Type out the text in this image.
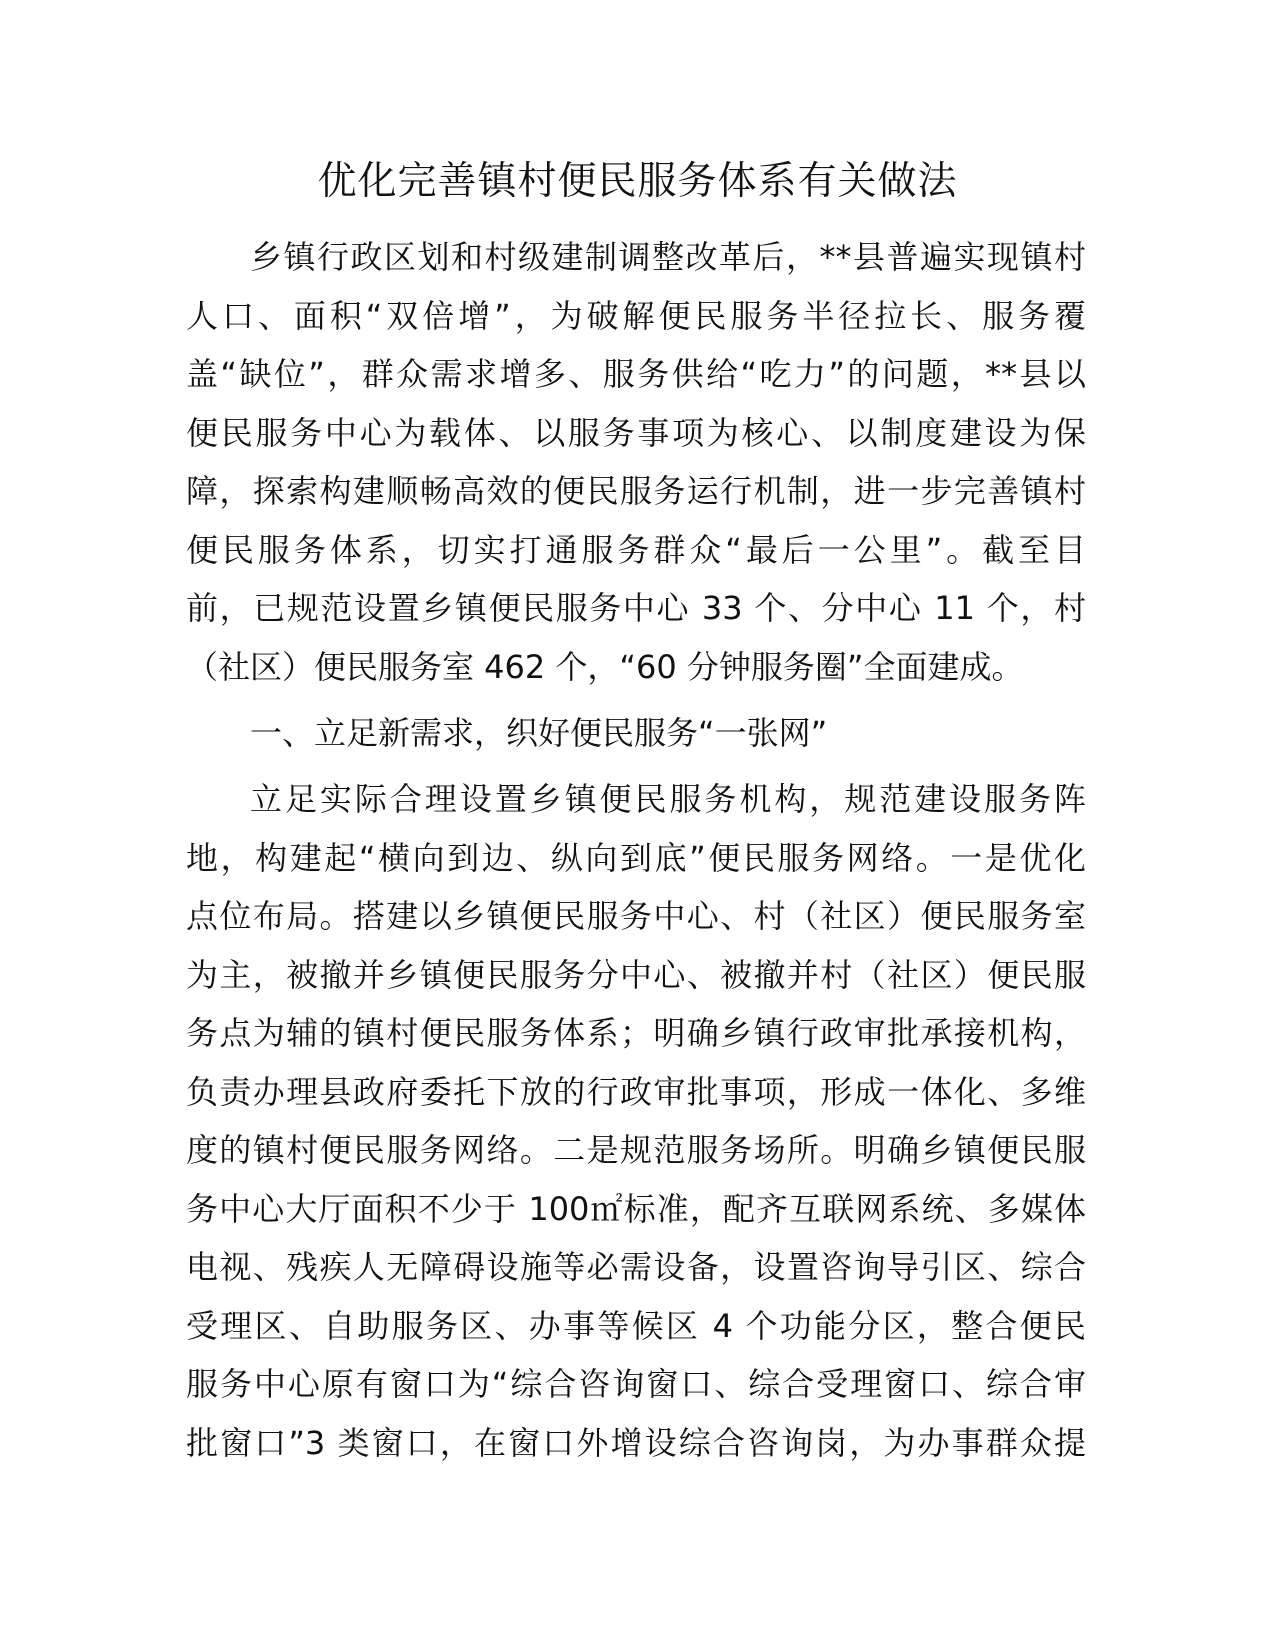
优化完善镇村便民服务体系有关做法
乡镇行政区划和村级建制调整改革后，**县普遍实现镇村
人口、面积“双倍增”，为破解便民服务半径拉长、服务覆
盖“缺位”，群众需求增多、服务供给“吃力”的问题，**县以
便民服务中心为载体、以服务事项为核心、以制度建设为保
障，探索构建顺畅高效的便民服务运行机制，进一步完善镇村
便民服务体系，切实打通服务群众“最后一公里”。截至目
前，已规范设置乡镇便民服务中心 33 个、分中心 11 个，村
（社区）便民服务室 462 个，“60 分钟服务圈”全面建成。
一、立足新需求，织好便民服务“一张网”
立足实际合理设置乡镇便民服务机构，规范建设服务阵
地，构建起“横向到边、纵向到底”便民服务网络。一是优化
点位布局。搭建以乡镇便民服务中心、村（社区）便民服务室
为主，被撤并乡镇便民服务分中心、被撤并村（社区）便民服
务点为辅的镇村便民服务体系；明确乡镇行政审批承接机构，
负责办理县政府委托下放的行政审批事项，形成一体化、多维
度的镇村便民服务网络。二是规范服务场所。明确乡镇便民服
务中心大厅面积不少于 100㎡标准，配齐互联网系统、多媒体
电视、残疾人无障碍设施等必需设备，设置咨询导引区、综合
受理区、自助服务区、办事等候区 4 个功能分区，整合便民
服务中心原有窗口为“综合咨询窗口、综合受理窗口、综合审
批窗口”3 类窗口，在窗口外增设综合咨询岗，为办事群众提
